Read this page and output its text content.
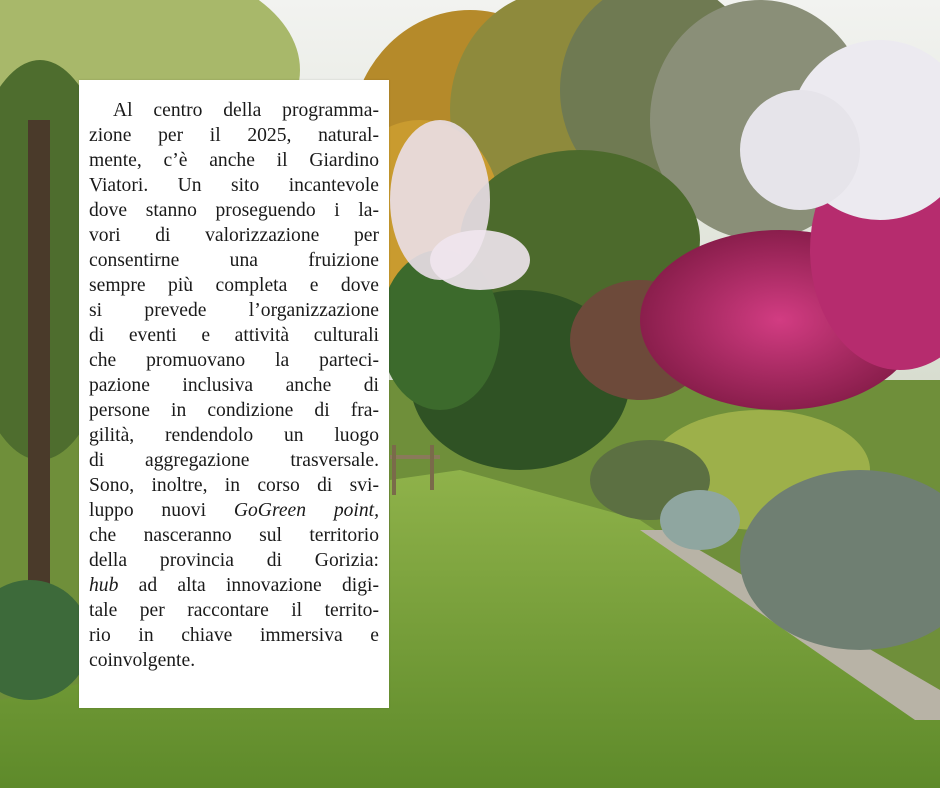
Al centro della programma-
zione per il 2025, natural-
mente, c’è anche il Giardino
Viatori. Un sito incantevole
dove stanno proseguendo i la-
vori di valorizzazione per
consentirne una fruizione
sempre più completa e dove
si prevede l’organizzazione
di eventi e attività culturali
che promuovano la parteci-
pazione inclusiva anche di
persone in condizione di fra-
gilità, rendendolo un luogo
di aggregazione trasversale.
Sono, inoltre, in corso di svi-
luppo nuovi GoGreen point,
che nasceranno sul territorio
della provincia di Gorizia:
hub ad alta innovazione digi-
tale per raccontare il territo-
rio in chiave immersiva e
coinvolgente.
